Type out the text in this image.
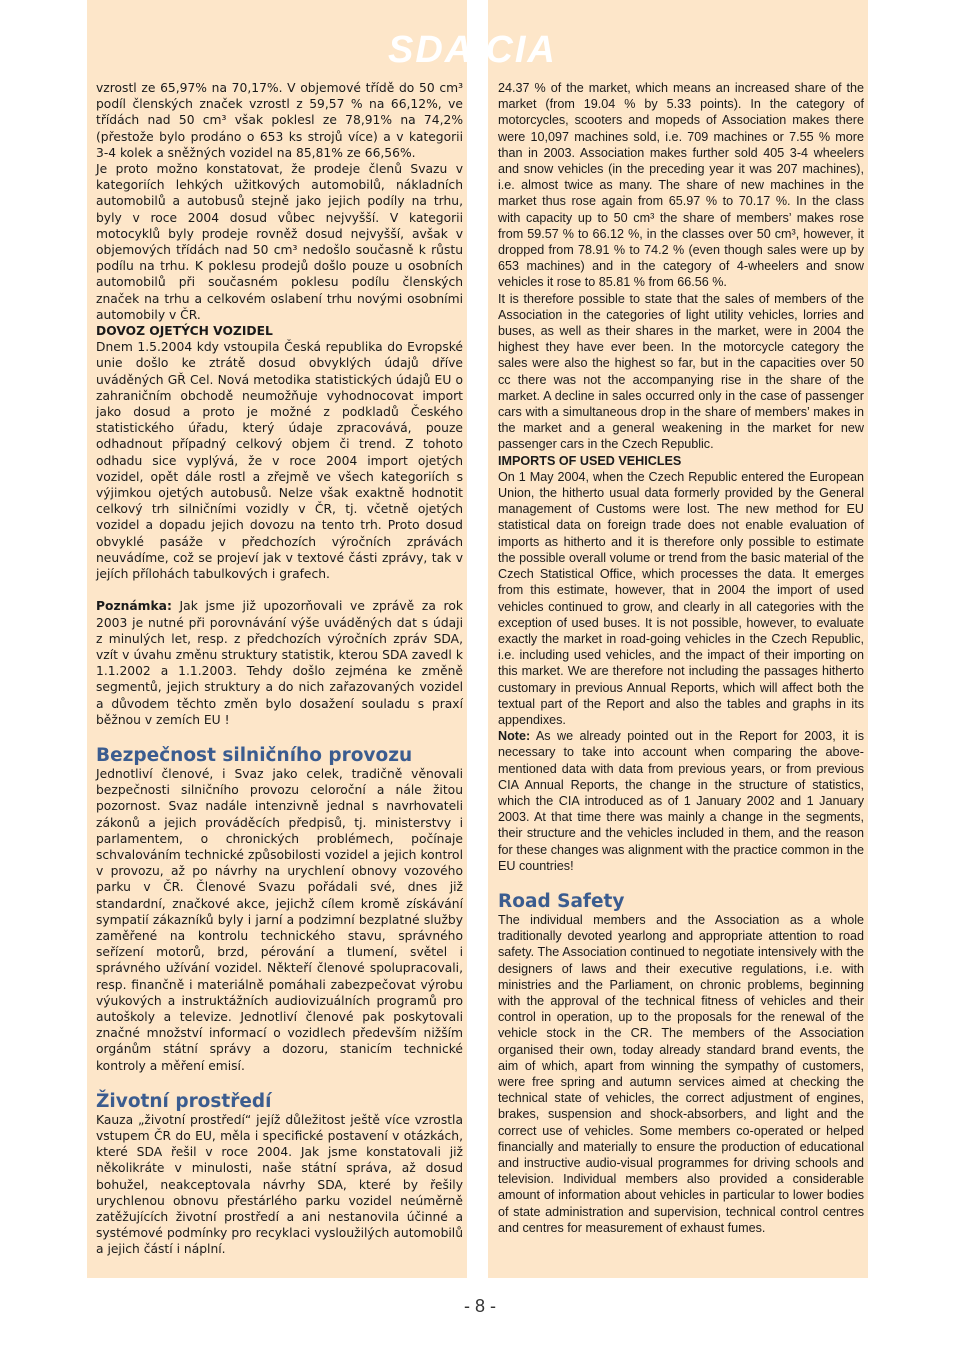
SDA CIA

vzrostl ze 65,97% na 70,17%. V objemové třídě do 50 cm³ podíl členských značek vzrostl z 59,57 % na 66,12%, ve třídách nad 50 cm³ však poklesl ze 78,91% na 74,2% (přestože bylo prodáno o 653 ks strojů více) a v kategorii 3-4 kolek a sněžných vozidel na 85,81% ze 66,56%.

Je proto možno konstatovat, že prodeje členů Svazu v kategoriích lehkých užitkových automobilů, nákladních automobilů a autobusů stejně jako jejich podíly na trhu, byly v roce 2004 dosud vůbec nejvyšší. V kategorii motocyklů byly prodeje rovněž dosud nejvyšší, avšak v objemových třídách nad 50 cm³ nedošlo současně k růstu podílu na trhu. K poklesu prodejů došlo pouze u osobních automobilů při současném poklesu podílu členských značek na trhu a celkovém oslabení trhu novými osobními automobily v ČR.

DOVOZ OJETÝCH VOZIDEL

Dnem 1.5.2004 kdy vstoupila Česká republika do Evropské unie došlo ke ztrátě dosud obvyklých údajů dříve uváděných GŘ Cel. Nová metodika statistických údajů EU o zahraničním obchodě neumožňuje vyhodnocovat import jako dosud a proto je možné z podkladů Českého statistického úřadu, který údaje zpracovává, pouze odhadnout případný celkový objem či trend. Z tohoto odhadu sice vyplývá, že v roce 2004 import ojetých vozidel, opět dále rostl a zřejmě ve všech kategoriích s výjimkou ojetých autobusů. Nelze však exaktně hodnotit celkový trh silničními vozidly v ČR, tj. včetně ojetých vozidel a dopadu jejich dovozu na tento trh. Proto dosud obvyklé pasáže v předchozích výročních zprávách neuvádíme, což se projeví jak v textové části zprávy, tak v jejích přílohách tabulkových i grafech.

Poznámka: Jak jsme již upozorňovali ve zprávě za rok 2003 je nutné při porovnávání výše uváděných dat s údaji z minulých let, resp. z předchozích výročních zpráv SDA, vzít v úvahu změnu struktury statistik, kterou SDA zavedl k 1.1.2002 a 1.1.2003. Tehdy došlo zejména ke změně segmentů, jejich struktury a do nich zařazovaných vozidel a důvodem těchto změn bylo dosažení souladu s praxí běžnou v zemích EU !

Bezpečnost silničního provozu

Jednotliví členové, i Svaz jako celek, tradičně věnovali bezpečnosti silničního provozu celoroční a nále žitou pozornost. Svaz nadále intenzivně jednal s navrhovateli zákonů a jejich prováděcích předpisů, tj. ministerstvy i parlamentem, o chronických problémech, počínaje schvalováním technické způsobilosti vozidel a jejich kontrol v provozu, až po návrhy na urychlení obnovy vozového parku v ČR. Členové Svazu pořádali své, dnes již standardní, značkové akce, jejichž cílem kromě získávání sympatií zákazníků byly i jarní a podzimní bezplatné služby zaměřené na kontrolu technického stavu, správného seřízení motorů, brzd, pérování a tlumení, světel i správného užívání vozidel. Někteří členové spolupracovali, resp. finančně i materiálně pomáhali zabezpečovat výrobu výukových a instruktážních audiovizuálních programů pro autoškoly a televize. Jednotliví členové pak poskytovali značné množství informací o vozidlech především nižším orgánům státní správy a dozoru, stanicím technické kontroly a měření emisí.

Životní prostředí

Kauza „životní prostředí“ jejíž důležitost ještě více vzrostla vstupem ČR do EU, měla i specifické postavení v otázkách, které SDA řešil v roce 2004. Jak jsme konstatovali již několikráte v minulosti, naše státní správa, až dosud bohužel, neakceptovala návrhy SDA, které by řešily urychlenou obnovu přestárlého parku vozidel neúměrně zatěžujících životní prostředí a ani nestanovila účinné a systémové podmínky pro recyklaci vysloužilých automobilů a jejich částí i náplní.

24.37 % of the market, which means an increased share of the market (from 19.04 % by 5.33 points). In the category of motorcycles, scooters and mopeds of Association makes there were 10,097 machines sold, i.e. 709 machines or 7.55 % more than in 2003. Association makes further sold 405 3-4 wheelers and snow vehicles (in the preceding year it was 207 machines), i.e. almost twice as many. The share of new machines in the market thus rose again from 65.97 % to 70.17 %. In the class with capacity up to 50 cm³ the share of members’ makes rose from 59.57 % to 66.12 %, in the classes over 50 cm³, however, it dropped from 78.91 % to 74.2 % (even though sales were up by 653 machines) and in the category of 4-wheelers and snow vehicles it rose to 85.81 % from 66.56 %.

It is therefore possible to state that the sales of members of the Association in the categories of light utility vehicles, lorries and buses, as well as their shares in the market, were in 2004 the highest they have ever been. In the motorcycle category the sales were also the highest so far, but in the capacities over 50 cc there was not the accompanying rise in the share of the market. A decline in sales occurred only in the case of passenger cars with a simultaneous drop in the share of members’ makes in the market and a general weakening in the market for new passenger cars in the Czech Republic.

IMPORTS OF USED VEHICLES

On 1 May 2004, when the Czech Republic entered the European Union, the hitherto usual data formerly provided by the General management of Customs were lost. The new method for EU statistical data on foreign trade does not enable evaluation of imports as hitherto and it is therefore only possible to estimate the possible overall volume or trend from the basic material of the Czech Statistical Office, which processes the data. It emerges from this estimate, however, that in 2004 the import of used vehicles continued to grow, and clearly in all categories with the exception of used buses. It is not possible, however, to evaluate exactly the market in road-going vehicles in the Czech Republic, i.e. including used vehicles, and the impact of their importing on this market. We are therefore not including the passages hitherto customary in previous Annual Reports, which will affect both the textual part of the Report and also the tables and graphs in its appendixes.

Note: As we already pointed out in the Report for 2003, it is necessary to take into account when comparing the above-mentioned data with data from previous years, or from previous CIA Annual Reports, the change in the structure of statistics, which the CIA introduced as of 1 January 2002 and 1 January 2003. At that time there was mainly a change in the segments, their structure and the vehicles included in them, and the reason for these changes was alignment with the practice common in the EU countries!

Road Safety

The individual members and the Association as a whole traditionally devoted yearlong and appropriate attention to road safety. The Association continued to negotiate intensively with the designers of laws and their executive regulations, i.e. with ministries and the Parliament, on chronic problems, beginning with the approval of the technical fitness of vehicles and their control in operation, up to the proposals for the renewal of the vehicle stock in the CR. The members of the Association organised their own, today already standard brand events, the aim of which, apart from winning the sympathy of customers, were free spring and autumn services aimed at checking the technical state of vehicles, the correct adjustment of engines, brakes, suspension and shock-absorbers, and light and the correct use of vehicles. Some members co-operated or helped financially and materially to ensure the production of educational and instructive audio-visual programmes for driving schools and television. Individual members also provided a considerable amount of information about vehicles in particular to lower bodies of state administration and supervision, technical control centres and centres for measurement of exhaust fumes.

- 8 -
